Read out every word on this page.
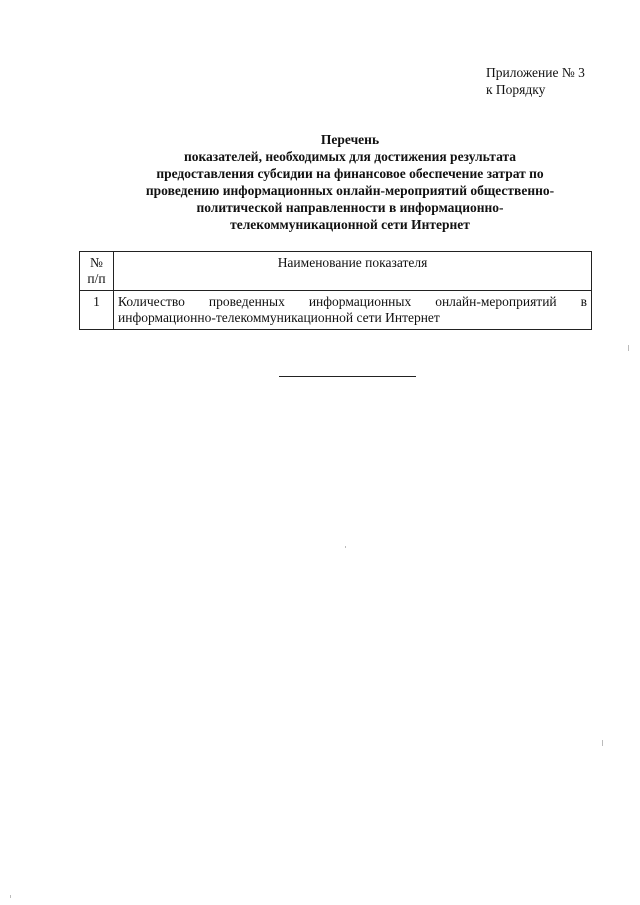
Приложение № 3
к Порядку
Перечень
показателей, необходимых для достижения результата
предоставления субсидии на финансовое обеспечение затрат по
проведению информационных онлайн-мероприятий общественно-
политической направленности в информационно-
телекоммуникационной сети Интернет
№
п/п	Наименование показателя
1	Количество проведенных информационных онлайн-мероприятий в информационно-телекоммуникационной сети Интернет
